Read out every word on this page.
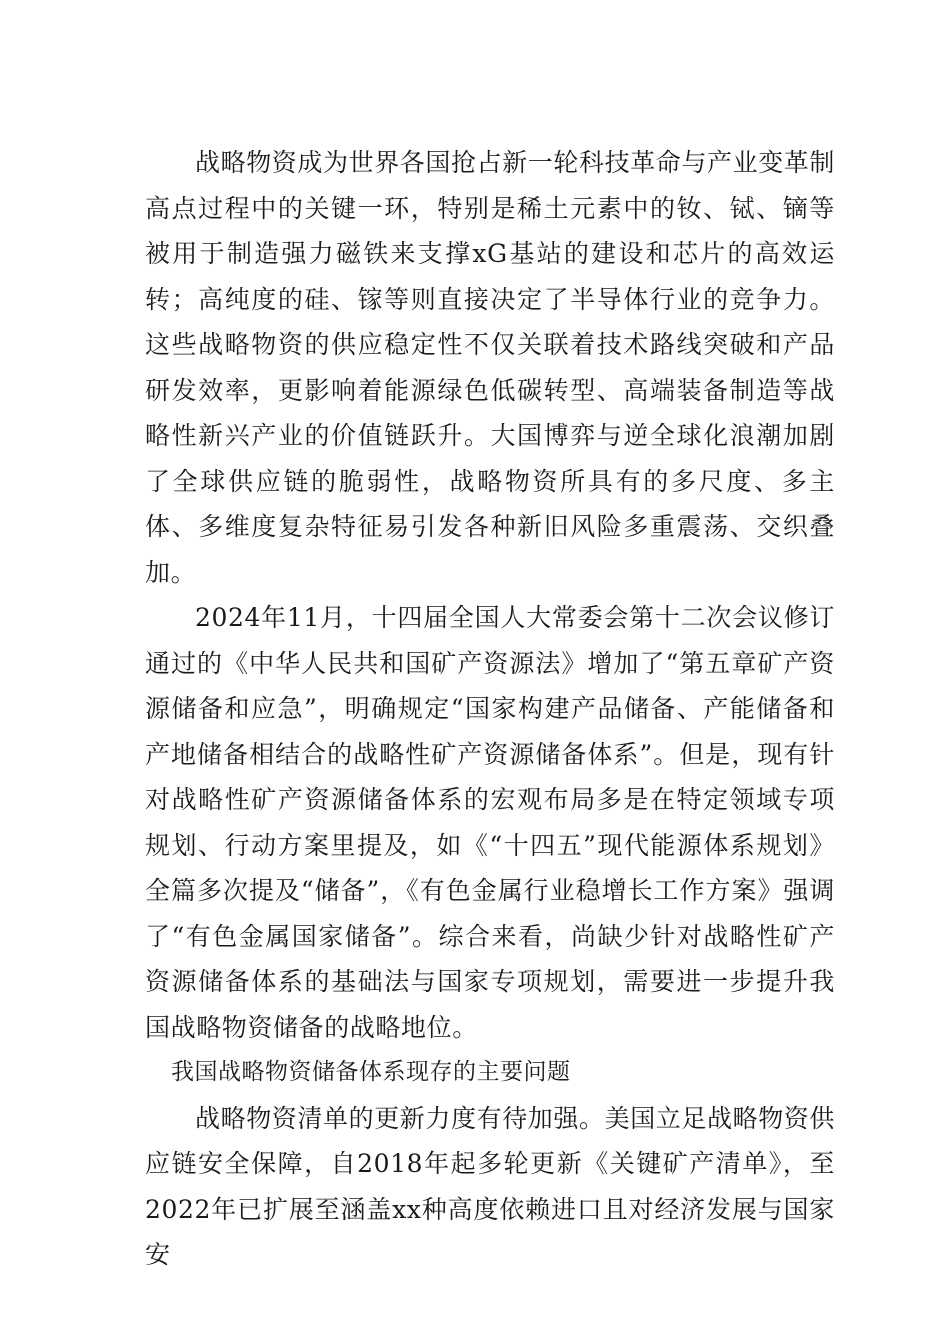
战略物资成为世界各国抢占新一轮科技革命与产业变革制高点过程中的关键一环，特别是稀土元素中的钕、铽、镝等被用于制造强力磁铁来支撑xG基站的建设和芯片的高效运转；高纯度的硅、镓等则直接决定了半导体行业的竞争力。这些战略物资的供应稳定性不仅关联着技术路线突破和产品研发效率，更影响着能源绿色低碳转型、高端装备制造等战略性新兴产业的价值链跃升。大国博弈与逆全球化浪潮加剧了全球供应链的脆弱性，战略物资所具有的多尺度、多主体、多维度复杂特征易引发各种新旧风险多重震荡、交织叠加。

2024年11月，十四届全国人大常委会第十二次会议修订通过的《中华人民共和国矿产资源法》增加了“第五章矿产资源储备和应急”，明确规定“国家构建产品储备、产能储备和产地储备相结合的战略性矿产资源储备体系”。但是，现有针对战略性矿产资源储备体系的宏观布局多是在特定领域专项规划、行动方案里提及，如《“十四五”现代能源体系规划》全篇多次提及“储备”，《有色金属行业稳增长工作方案》强调了“有色金属国家储备”。综合来看，尚缺少针对战略性矿产资源储备体系的基础法与国家专项规划，需要进一步提升我国战略物资储备的战略地位。

我国战略物资储备体系现存的主要问题

战略物资清单的更新力度有待加强。美国立足战略物资供应链安全保障，自2018年起多轮更新《关键矿产清单》，至2022年已扩展至涵盖xx种高度依赖进口且对经济发展与国家安
